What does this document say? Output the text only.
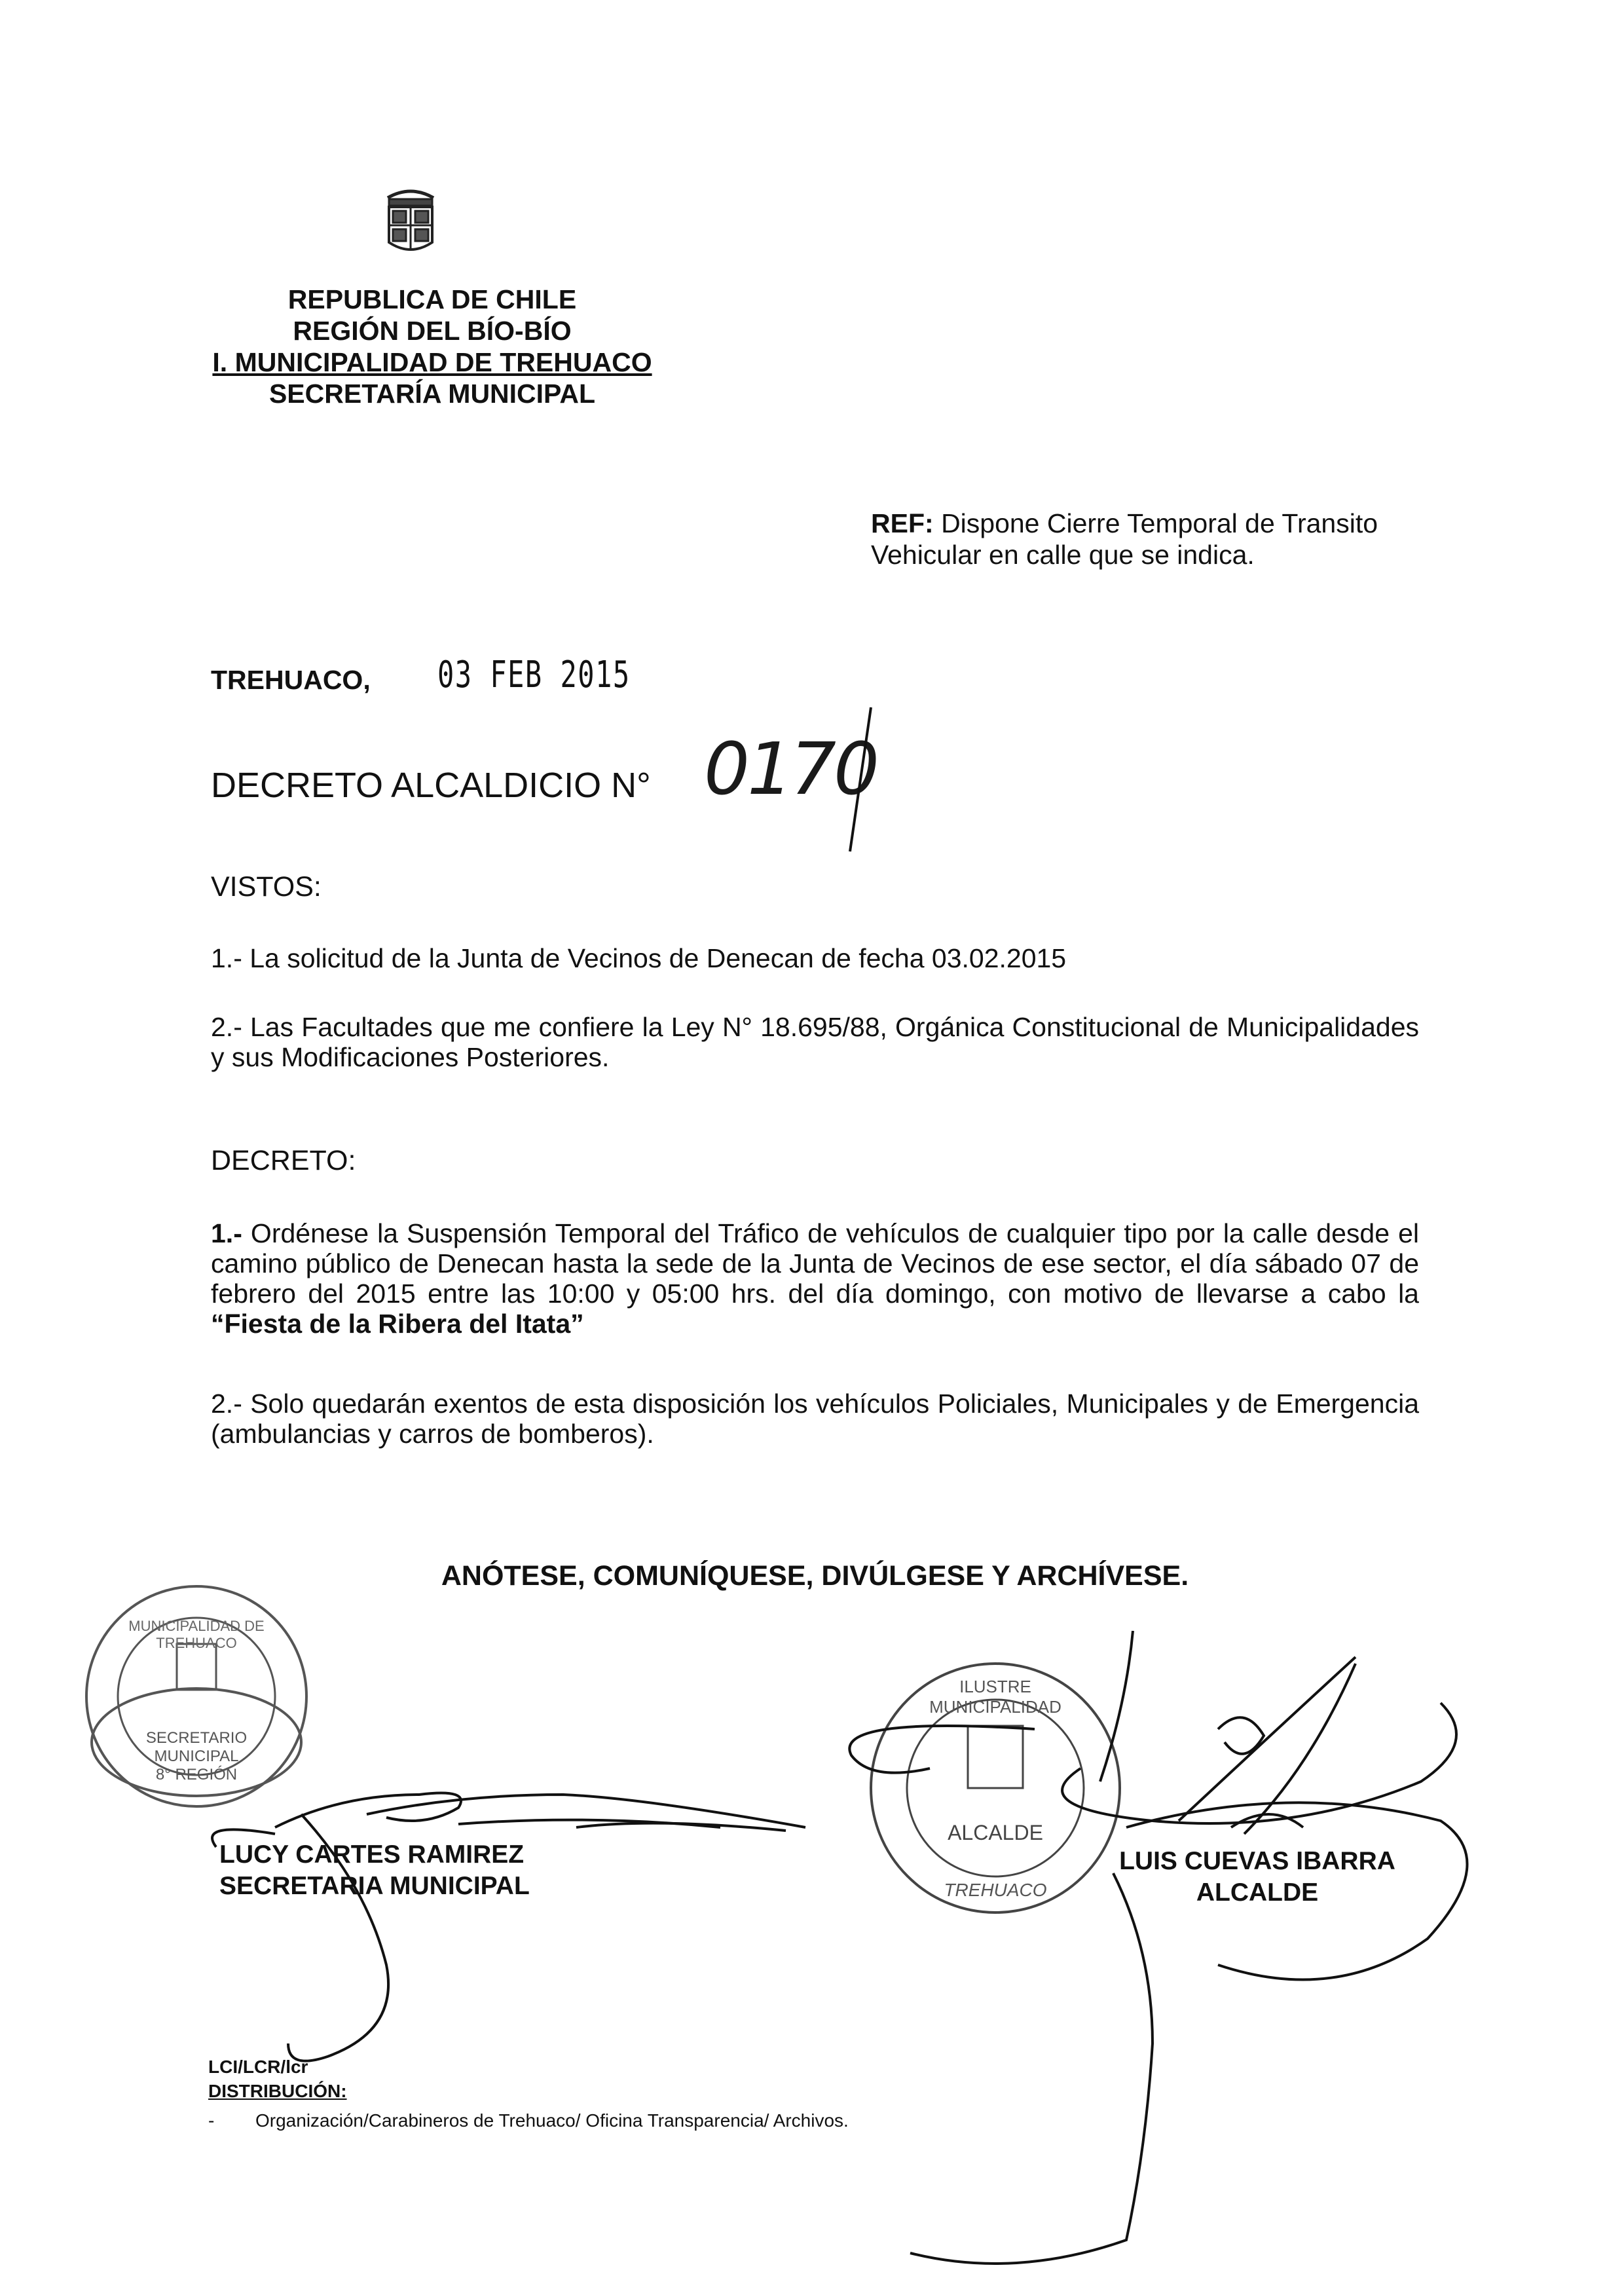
REPUBLICA DE CHILE
REGIÓN DEL BÍO-BÍO
I. MUNICIPALIDAD DE TREHUACO
SECRETARÍA MUNICIPAL
REF: Dispone Cierre Temporal de Transito
Vehicular en calle que se indica.
TREHUACO, 03 FEB 2015
DECRETO ALCALDICIO N° 0170
VISTOS:
1.- La solicitud de la Junta de Vecinos de Denecan de fecha 03.02.2015
2.- Las Facultades que me confiere la Ley N° 18.695/88, Orgánica Constitucional de Municipalidades y sus Modificaciones Posteriores.
DECRETO:
1.- Ordénese la Suspensión Temporal del Tráfico de vehículos de cualquier tipo por la calle desde el camino público de Denecan hasta la sede de la Junta de Vecinos de ese sector, el día sábado 07 de febrero del 2015 entre las 10:00 y 05:00 hrs. del día domingo, con motivo de llevarse a cabo la “Fiesta de la Ribera del Itata”
2.- Solo quedarán exentos de esta disposición los vehículos Policiales, Municipales y de Emergencia (ambulancias y carros de bomberos).
ANÓTESE, COMUNÍQUESE, DIVÚLGESE Y ARCHÍVESE.
SECRETARIO
MUNICIPAL
8° REGIÓN
MUNICIPALIDAD DE TREHUACO
ILUSTRE MUNICIPALIDAD
ALCALDE
TREHUACO
LUCY CARTES RAMIREZ
SECRETARIA MUNICIPAL
LUIS CUEVAS IBARRA
ALCALDE
LCI/LCR/lcr
DISTRIBUCIÓN:
- Organización/Carabineros de Trehuaco/ Oficina Transparencia/ Archivos.
